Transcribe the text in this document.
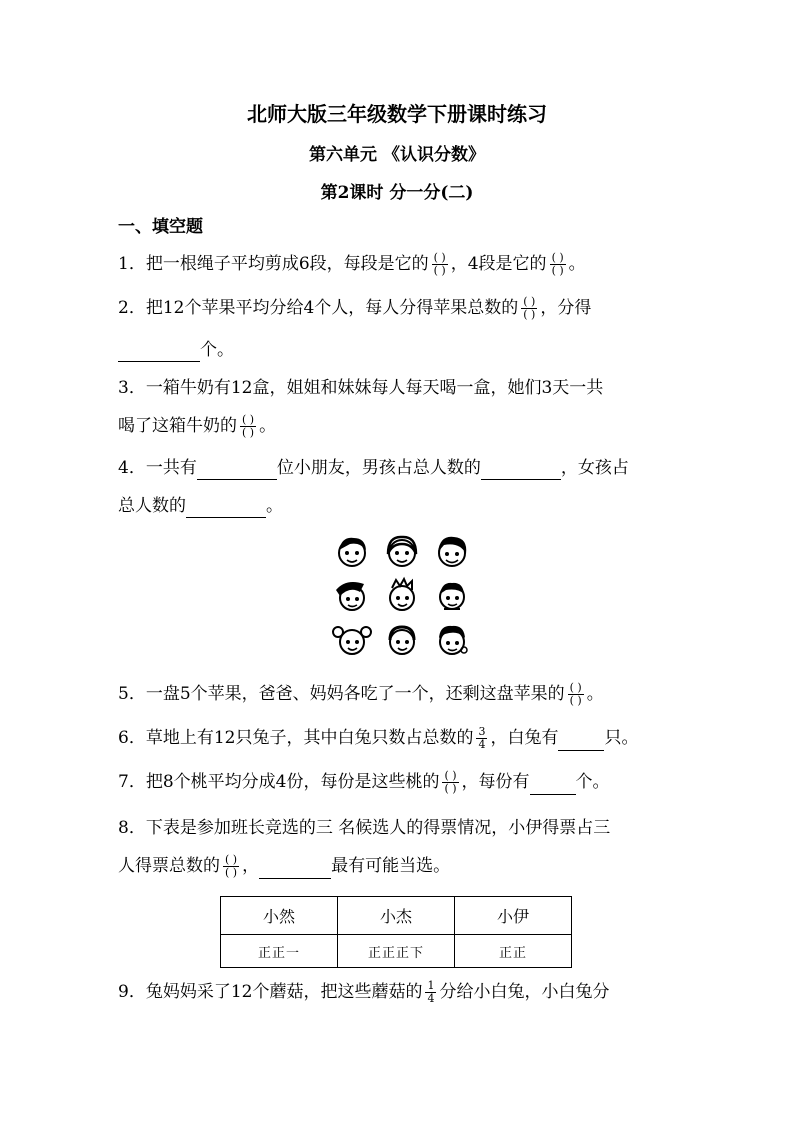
北师大版三年级数学下册课时练习
第六单元 《认识分数》
第2课时 分一分(二)
一、填空题
1．把一根绳子平均剪成6段，每段是它的 $\frac{( )}{( )}$ ，4段是它的 $\frac{( )}{( )}$ 。
2．把12个苹果平均分给4个人，每人分得苹果总数的 $\frac{( )}{( )}$ ，分得
个。
3．一箱牛奶有12盒，姐姐和妹妹每人每天喝一盒，她们3天一共
喝了这箱牛奶的 $\frac{( )}{( )}$ 。
4．一共有	位小朋友，男孩占总人数的	，女孩占
总人数的	。
5．一盘5个苹果，爸爸、妈妈各吃了一个，还剩这盘苹果的 $\frac{( )}{( )}$ 。
6．草地上有12只兔子，其中白兔只数占总数的 $\frac{3}{4}$ ，白兔有	只。
7．把8个桃平均分成4份，每份是这些桃的 $\frac{( )}{( )}$ ，每份有	个。
8．下表是参加班长竞选的三 名候选人的得票情况，小伊得票占三
人得票总数的 $\frac{( )}{( )}$ ，	最有可能当选。
小然	小杰	小伊
正正一	正正正下	正正
9．兔妈妈采了12个蘑菇，把这些蘑菇的 $\frac{1}{4}$ 分给小白兔，小白兔分
